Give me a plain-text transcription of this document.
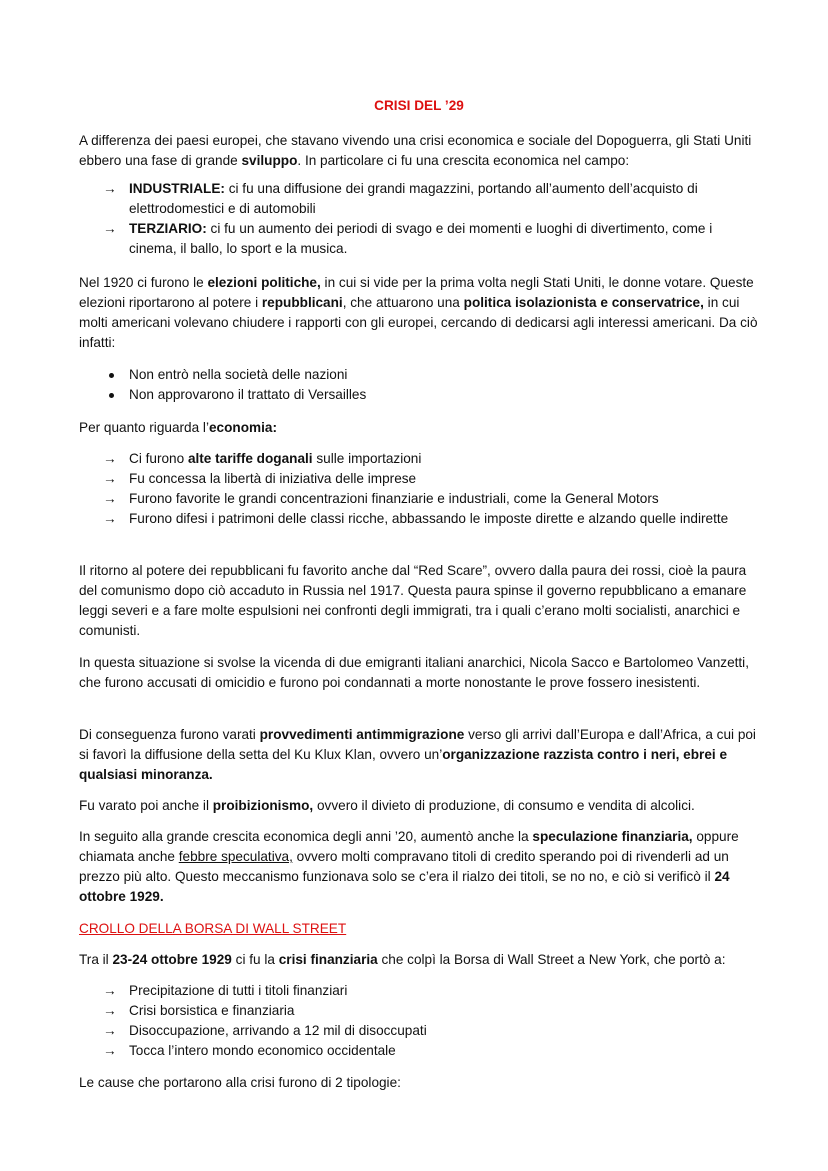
CRISI DEL ’29

A differenza dei paesi europei, che stavano vivendo una crisi economica e sociale del Dopoguerra, gli Stati Uniti ebbero una fase di grande sviluppo. In particolare ci fu una crescita economica nel campo:

→ INDUSTRIALE: ci fu una diffusione dei grandi magazzini, portando all’aumento dell’acquisto di elettrodomestici e di automobili
→ TERZIARIO: ci fu un aumento dei periodi di svago e dei momenti e luoghi di divertimento, come i cinema, il ballo, lo sport e la musica.

Nel 1920 ci furono le elezioni politiche, in cui si vide per la prima volta negli Stati Uniti, le donne votare. Queste elezioni riportarono al potere i repubblicani, che attuarono una politica isolazionista e conservatrice, in cui molti americani volevano chiudere i rapporti con gli europei, cercando di dedicarsi agli interessi americani. Da ciò infatti:

Non entrò nella società delle nazioni
Non approvarono il trattato di Versailles

Per quanto riguarda l’economia:

→ Ci furono alte tariffe doganali sulle importazioni
→ Fu concessa la libertà di iniziativa delle imprese
→ Furono favorite le grandi concentrazioni finanziarie e industriali, come la General Motors
→ Furono difesi i patrimoni delle classi ricche, abbassando le imposte dirette e alzando quelle indirette

Il ritorno al potere dei repubblicani fu favorito anche dal “Red Scare”, ovvero dalla paura dei rossi, cioè la paura del comunismo dopo ciò accaduto in Russia nel 1917. Questa paura spinse il governo repubblicano a emanare leggi severi e a fare molte espulsioni nei confronti degli immigrati, tra i quali c’erano molti socialisti, anarchici e comunisti.

In questa situazione si svolse la vicenda di due emigranti italiani anarchici, Nicola Sacco e Bartolomeo Vanzetti, che furono accusati di omicidio e furono poi condannati a morte nonostante le prove fossero inesistenti.

Di conseguenza furono varati provvedimenti antimmigrazione verso gli arrivi dall’Europa e dall’Africa, a cui poi si favorì la diffusione della setta del Ku Klux Klan, ovvero un’organizzazione razzista contro i neri, ebrei e qualsiasi minoranza.

Fu varato poi anche il proibizionismo, ovvero il divieto di produzione, di consumo e vendita di alcolici.

In seguito alla grande crescita economica degli anni ’20, aumentò anche la speculazione finanziaria, oppure chiamata anche febbre speculativa, ovvero molti compravano titoli di credito sperando poi di rivenderli ad un prezzo più alto. Questo meccanismo funzionava solo se c’era il rialzo dei titoli, se no no, e ciò si verificò il 24 ottobre 1929.

CROLLO DELLA BORSA DI WALL STREET

Tra il 23-24 ottobre 1929 ci fu la crisi finanziaria che colpì la Borsa di Wall Street a New York, che portò a:

→ Precipitazione di tutti i titoli finanziari
→ Crisi borsistica e finanziaria
→ Disoccupazione, arrivando a 12 mil di disoccupati
→ Tocca l’intero mondo economico occidentale

Le cause che portarono alla crisi furono di 2 tipologie:
